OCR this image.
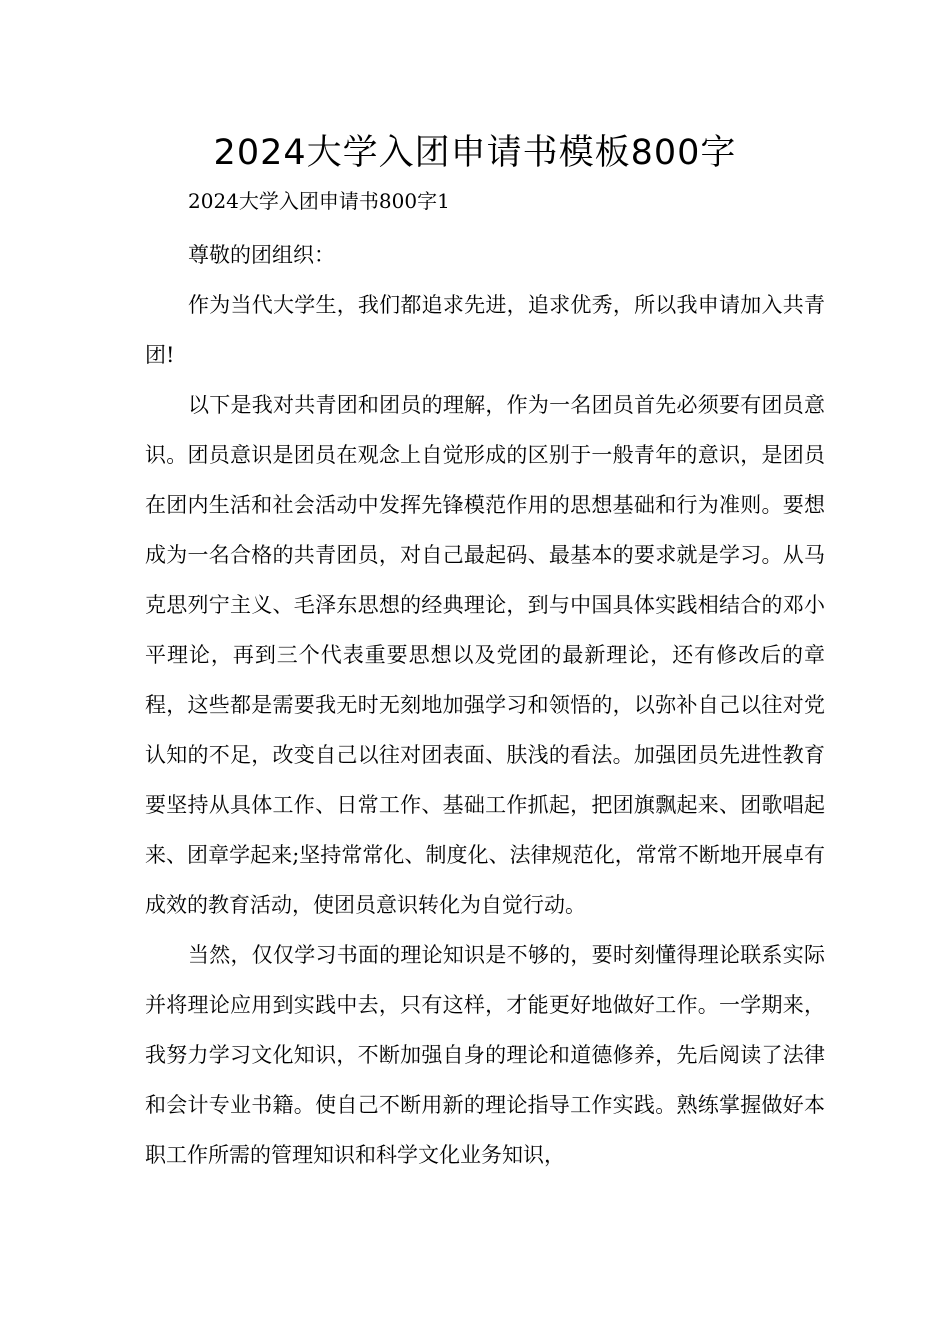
2024大学入团申请书模板800字

2024大学入团申请书800字1

尊敬的团组织：

作为当代大学生，我们都追求先进，追求优秀，所以我申请加入共青团!

以下是我对共青团和团员的理解，作为一名团员首先必须要有团员意识。团员意识是团员在观念上自觉形成的区别于一般青年的意识，是团员在团内生活和社会活动中发挥先锋模范作用的思想基础和行为准则。要想成为一名合格的共青团员，对自己最起码、最基本的要求就是学习。从马克思列宁主义、毛泽东思想的经典理论，到与中国具体实践相结合的邓小平理论，再到三个代表重要思想以及党团的最新理论，还有修改后的章程，这些都是需要我无时无刻地加强学习和领悟的，以弥补自己以往对党认知的不足，改变自己以往对团表面、肤浅的看法。加强团员先进性教育要坚持从具体工作、日常工作、基础工作抓起，把团旗飘起来、团歌唱起来、团章学起来;坚持常常化、制度化、法律规范化，常常不断地开展卓有成效的教育活动，使团员意识转化为自觉行动。

当然，仅仅学习书面的理论知识是不够的，要时刻懂得理论联系实际并将理论应用到实践中去，只有这样，才能更好地做好工作。一学期来，我努力学习文化知识，不断加强自身的理论和道德修养，先后阅读了法律和会计专业书籍。使自己不断用新的理论指导工作实践。熟练掌握做好本职工作所需的管理知识和科学文化业务知识，
